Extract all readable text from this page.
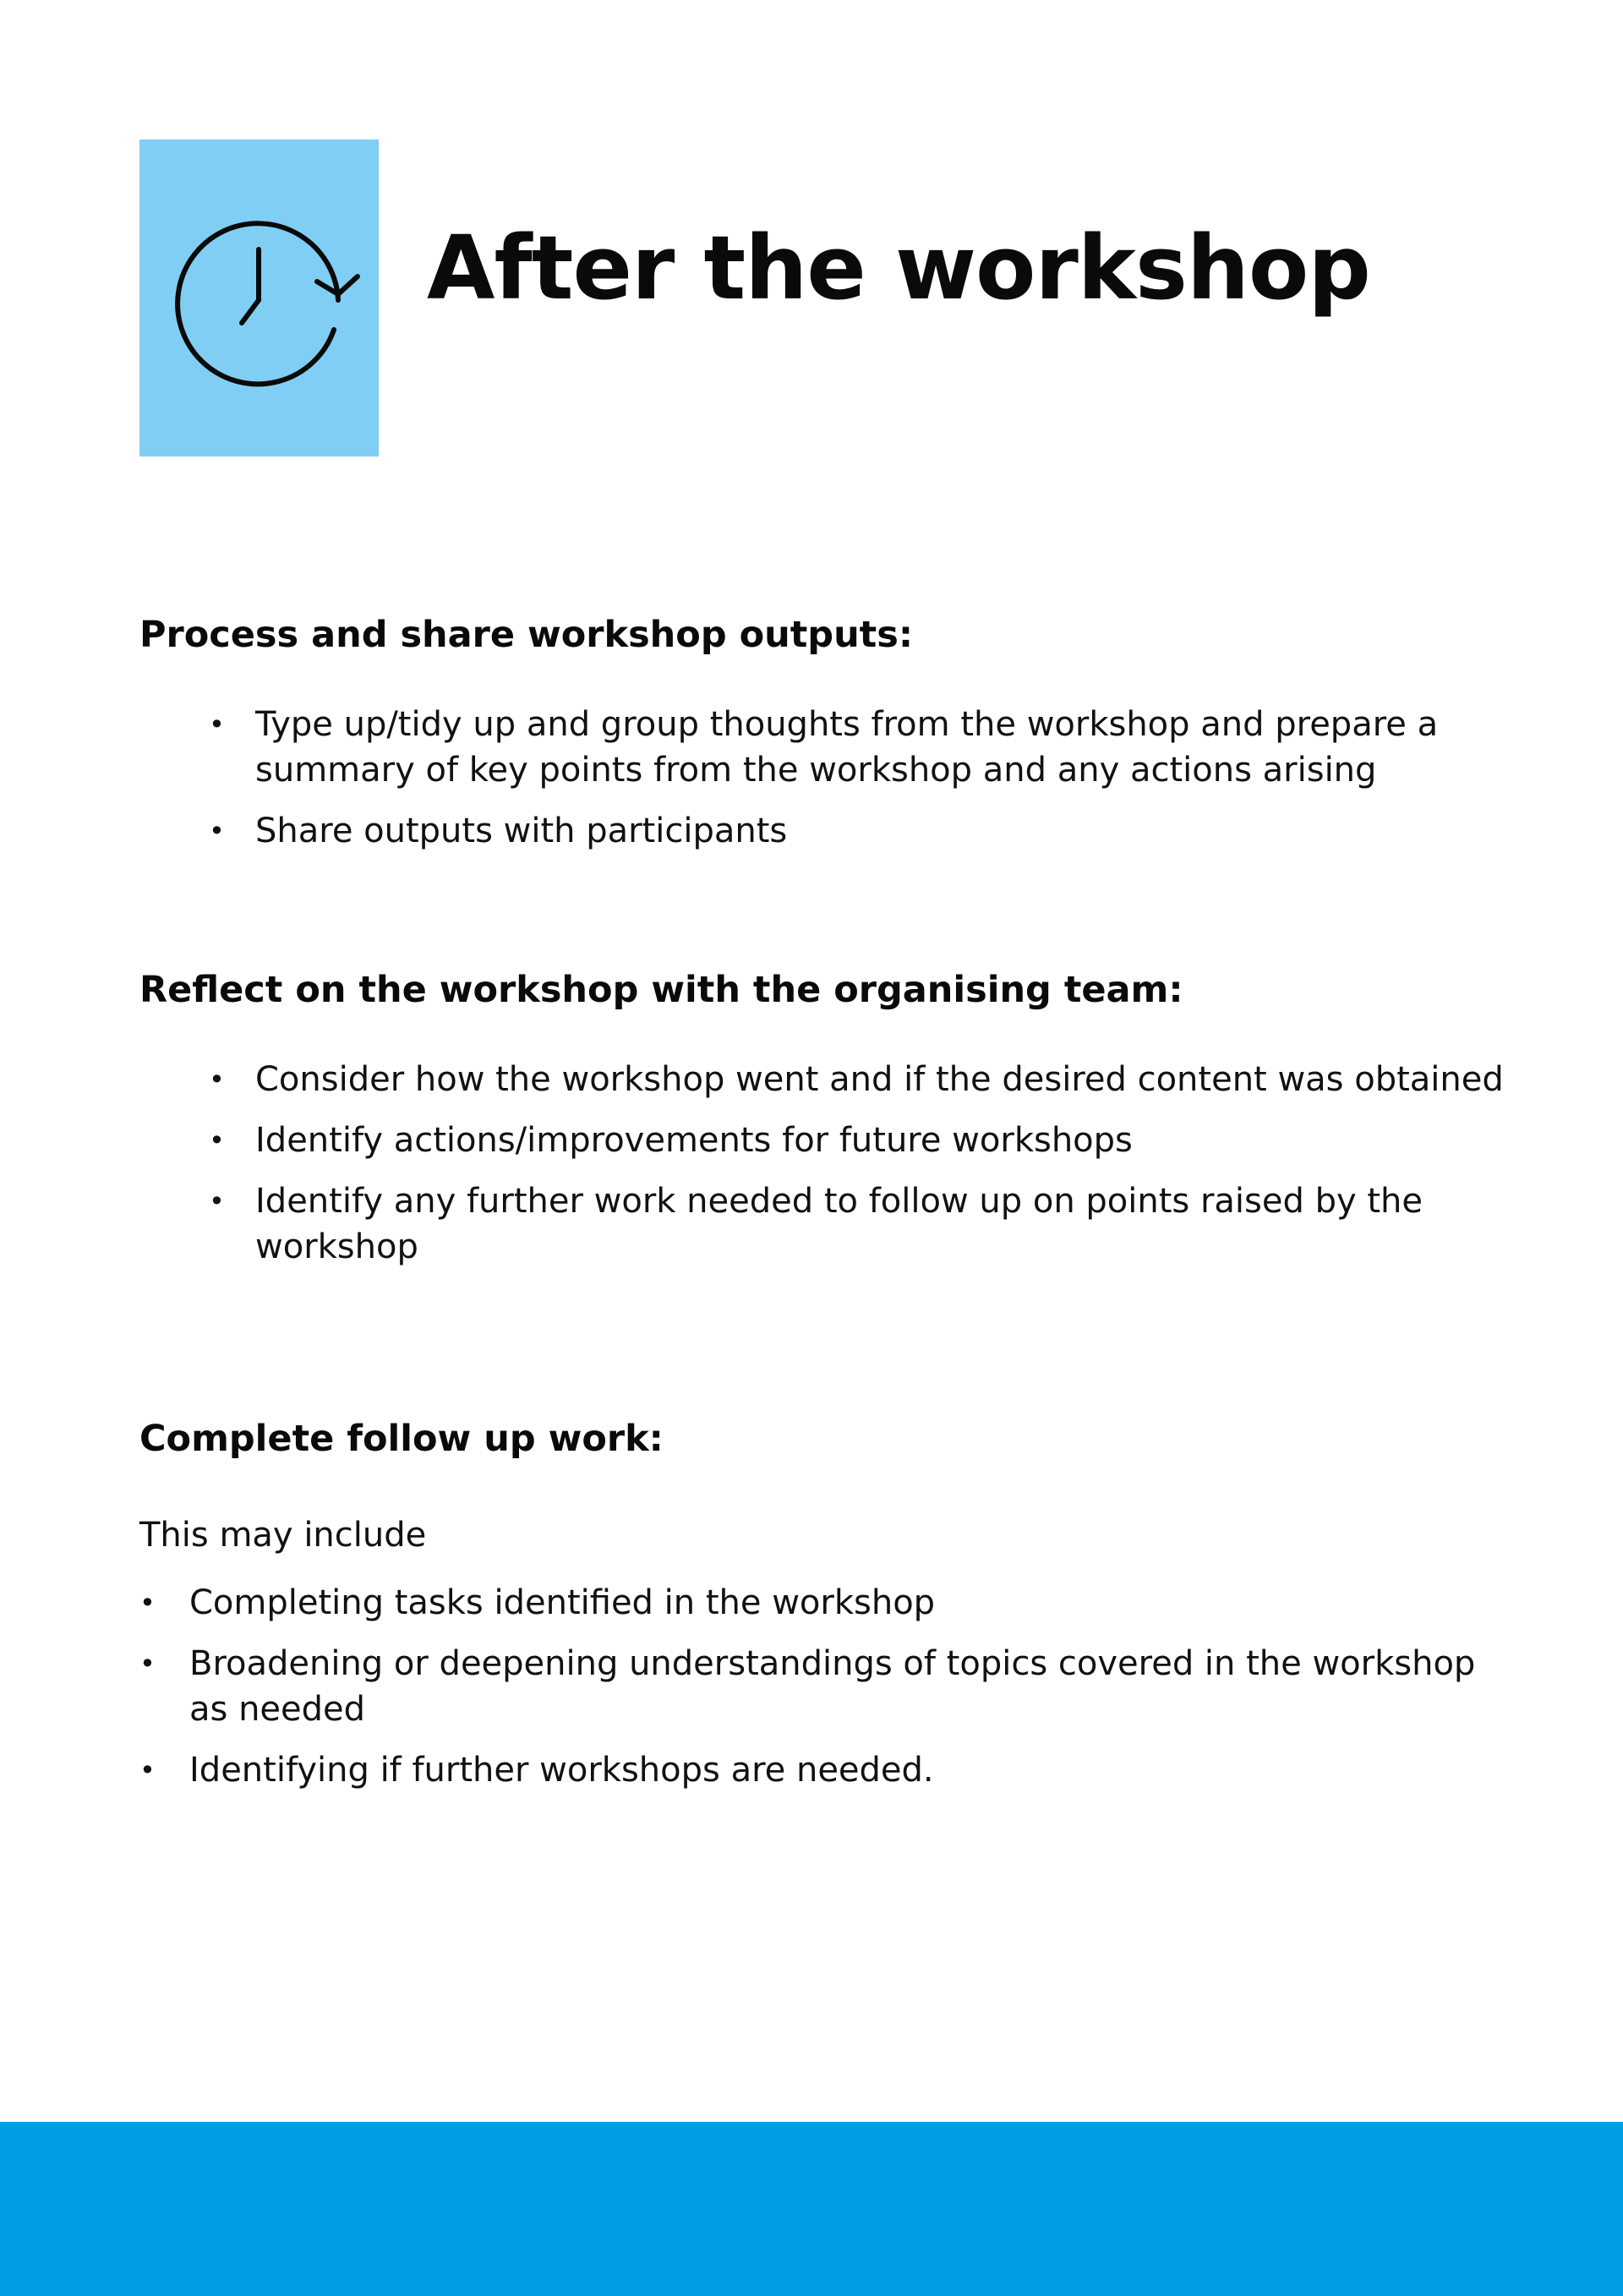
After the workshop
Process and share workshop outputs:
• Type up/tidy up and group thoughts from the workshop and prepare a summary of key points from the workshop and any actions arising
• Share outputs with participants
Reflect on the workshop with the organising team:
• Consider how the workshop went and if the desired content was obtained
• Identify actions/improvements for future workshops
• Identify any further work needed to follow up on points raised by the workshop
Complete follow up work:

This may include

• Completing tasks identified in the workshop
• Broadening or deepening understandings of topics covered in the workshop as needed
• Identifying if further workshops are needed.
